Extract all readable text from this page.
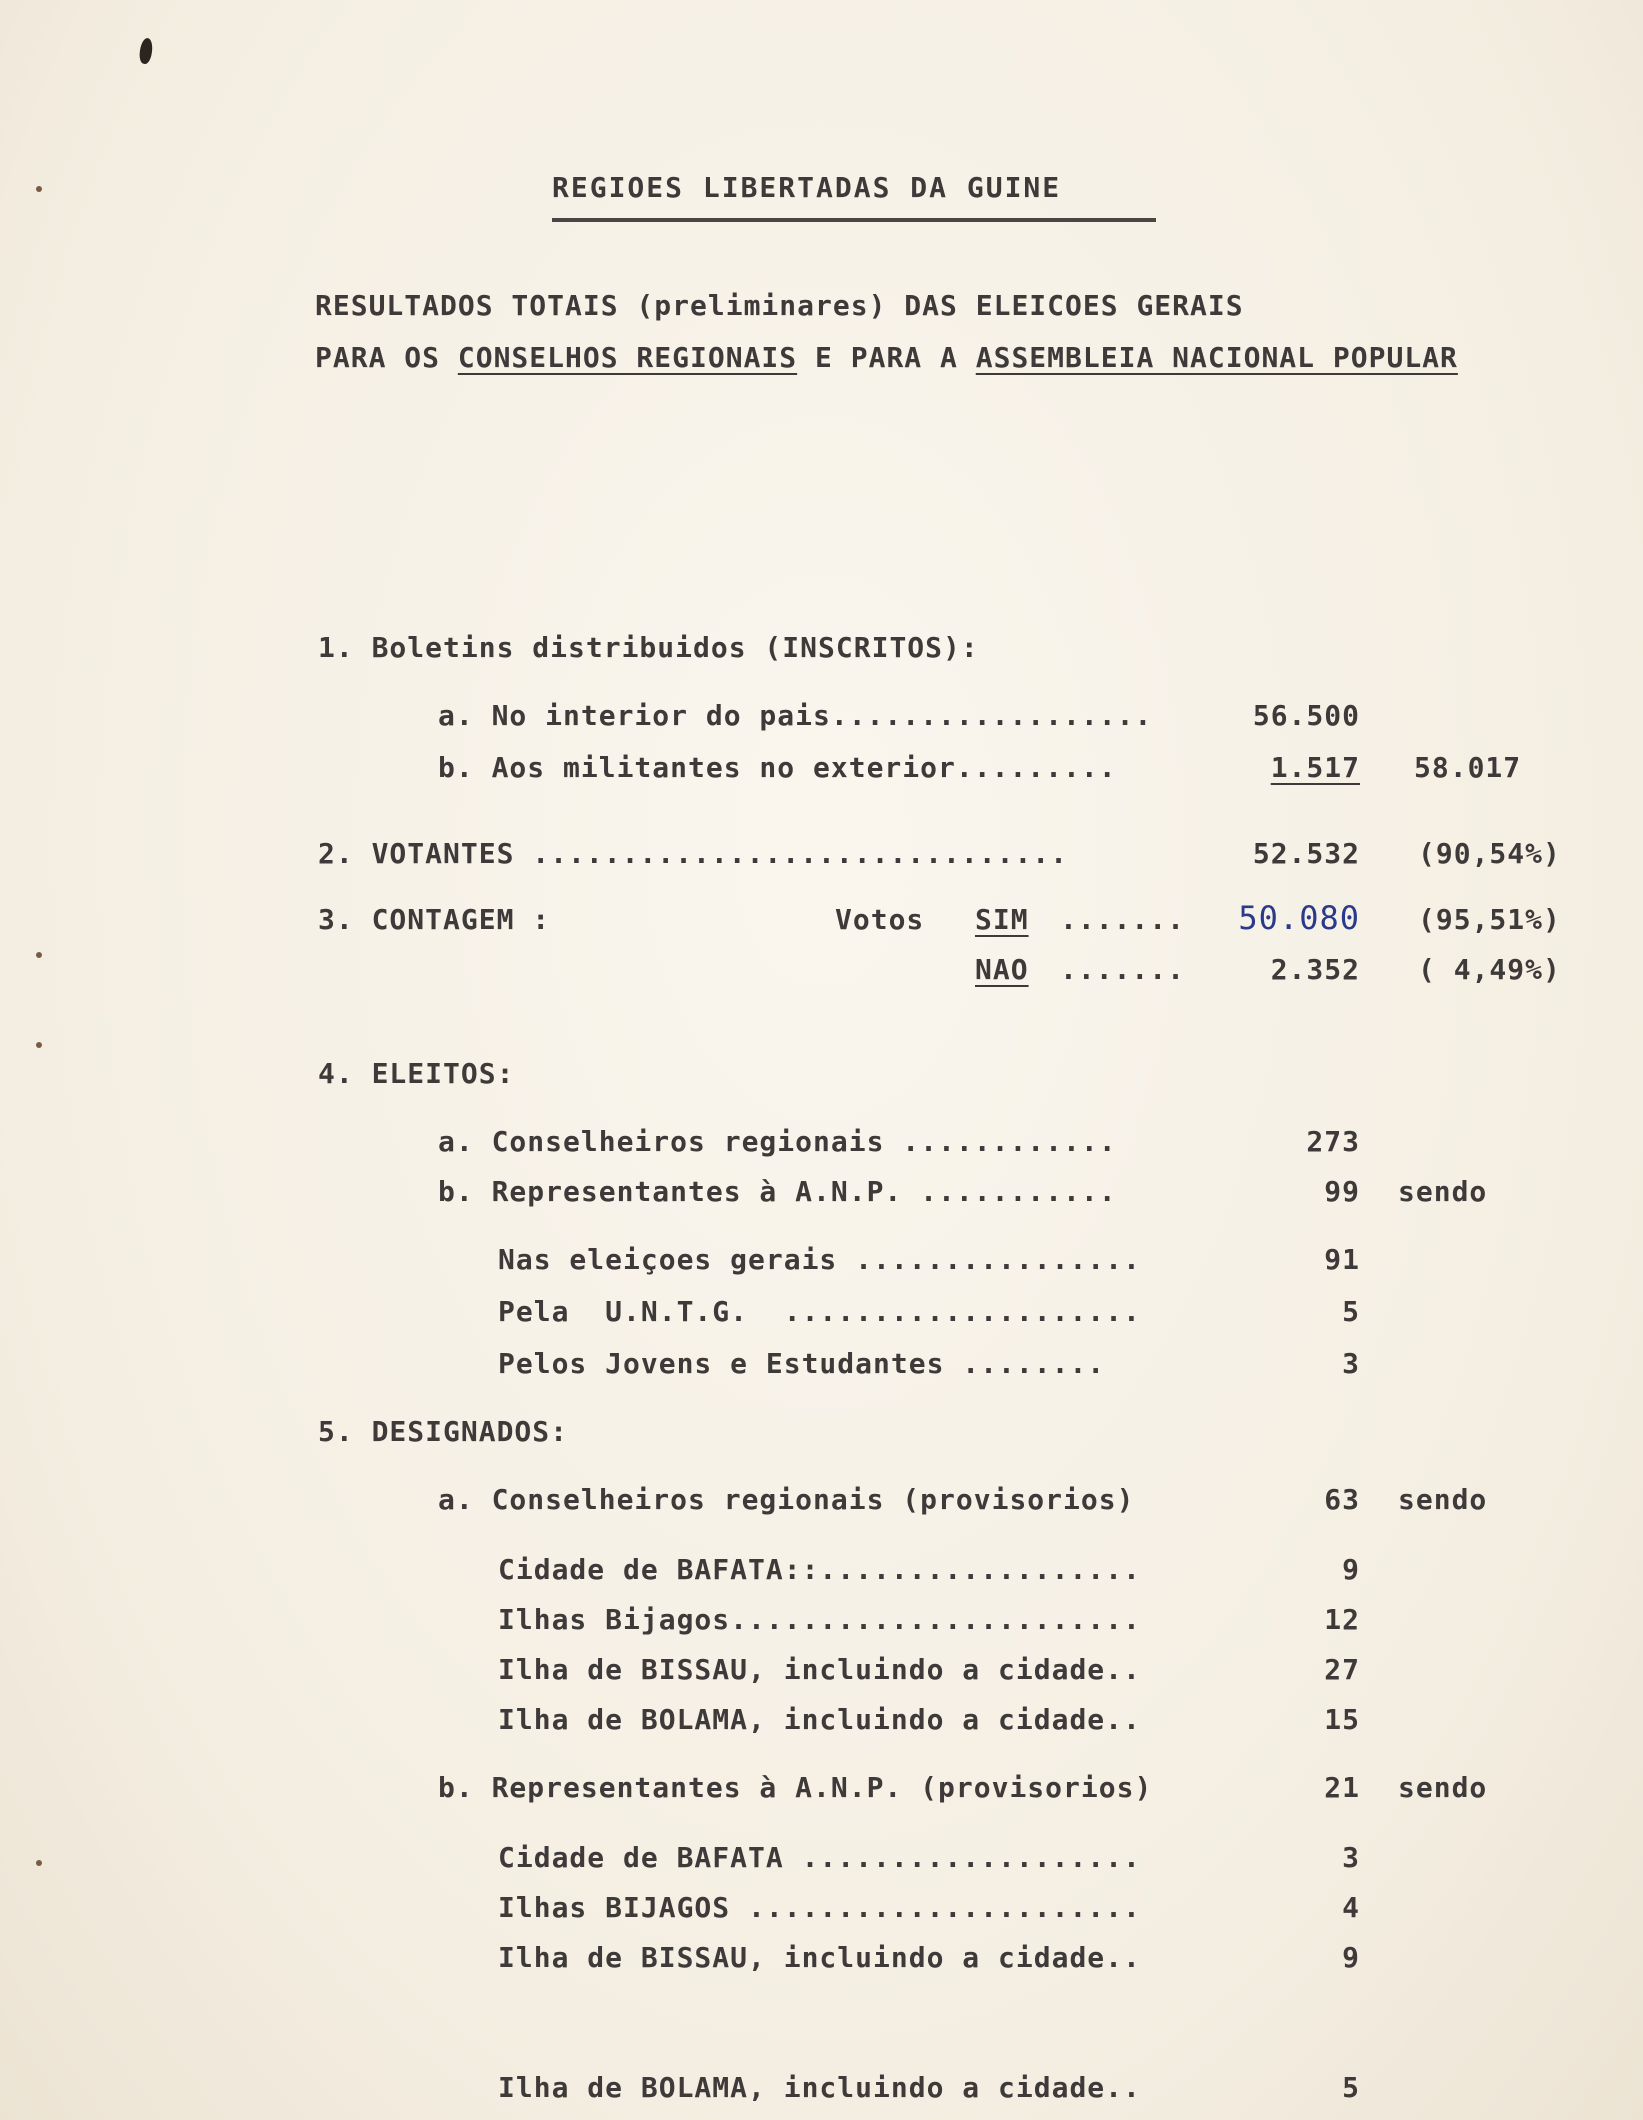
REGIOES LIBERTADAS DA GUINE
RESULTADOS TOTAIS (preliminares) DAS ELEICOES GERAIS
PARA OS CONSELHOS REGIONAIS E PARA A ASSEMBLEIA NACIONAL POPULAR
1. Boletins distribuidos (INSCRITOS):
a. No interior do pais..................	56.500
b. Aos militantes no exterior.........	1.517 58.017
2. VOTANTES ..............................	52.532 (90,54%)
3. CONTAGEM :	Votos SIM .......	50.080 (95,51%)
NAO .......	2.352 ( 4,49%)
4. ELEITOS:
a. Conselheiros regionais ............	273
b. Representantes à A.N.P. ...........	99 sendo
Nas eleiçoes gerais ................	91
Pela  U.N.T.G.  ....................	5
Pelos Jovens e Estudantes ........	3
5. DESIGNADOS:
a. Conselheiros regionais (provisorios)	63 sendo
Cidade de BAFATA::..................	9
Ilhas Bijagos.......................	12
Ilha de BISSAU, incluindo a cidade..	27
Ilha de BOLAMA, incluindo a cidade..	15
b. Representantes à A.N.P. (provisorios)	21 sendo
Cidade de BAFATA ...................	3
Ilhas BIJAGOS ......................	4
Ilha de BISSAU, incluindo a cidade..	9
Ilha de BOLAMA, incluindo a cidade..	5
